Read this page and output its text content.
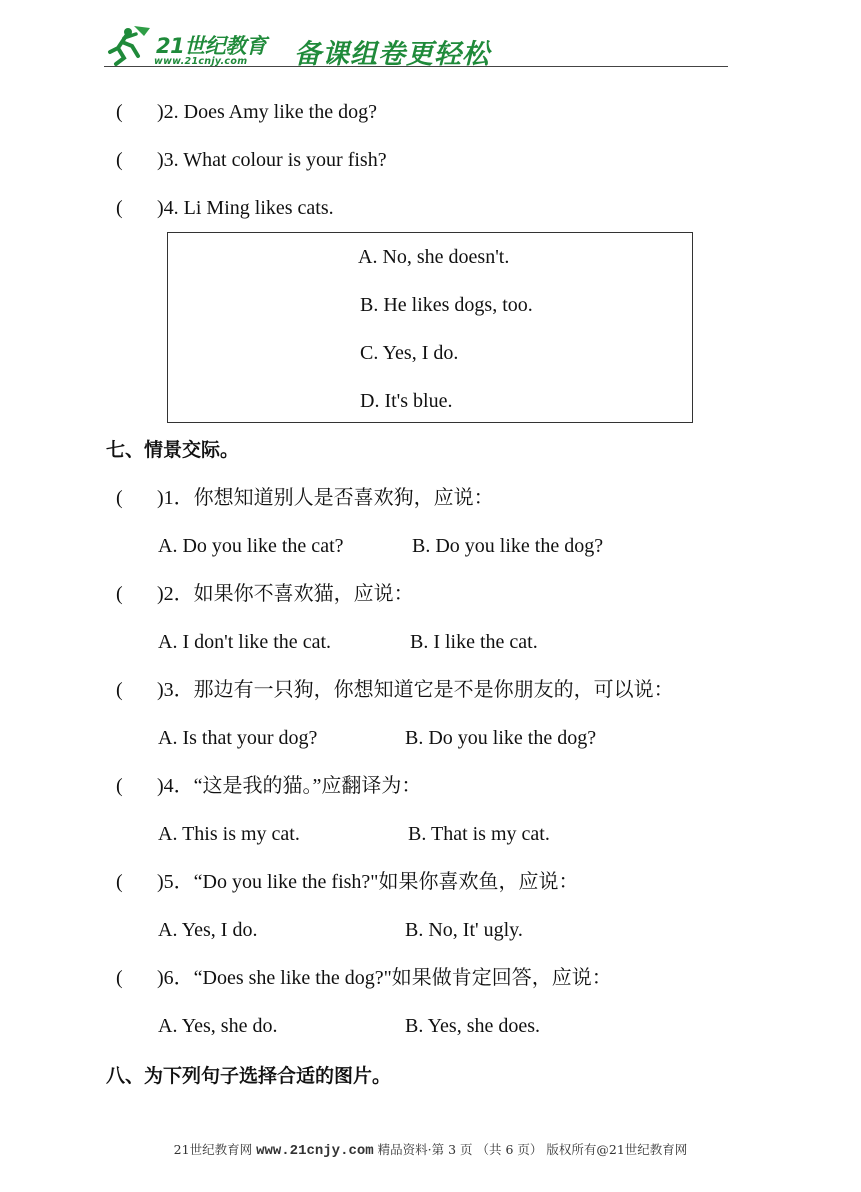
21世纪教育
www.21cnjy.com 备课组卷更轻松
( )2. Does Amy like the dog?
( )3. What colour is your fish?
( )4. Li Ming likes cats.
A. No, she doesn't.
B. He likes dogs, too.
C. Yes, I do.
D. It's blue.
七、情景交际。
( )1．你想知道别人是否喜欢狗，应说：
A. Do you like the cat?	B. Do you like the dog?
( )2．如果你不喜欢猫，应说：
A. I don't like the cat.	B. I like the cat.
( )3．那边有一只狗，你想知道它是不是你朋友的，可以说：
A. Is that your dog?	B. Do you like the dog?
( )4．“这是我的猫。”应翻译为：
A. This is my cat.	B. That is my cat.
( )5．“Do you like the fish?"如果你喜欢鱼，应说：
A. Yes, I do.	B. No, It' ugly.
( )6．“Does she like the dog?"如果做肯定回答，应说：
A. Yes, she do.	B. Yes, she does.
八、为下列句子选择合适的图片。
21世纪教育网 www.21cnjy.com 精品资料·第 3 页 （共 6 页） 版权所有@21世纪教育网
